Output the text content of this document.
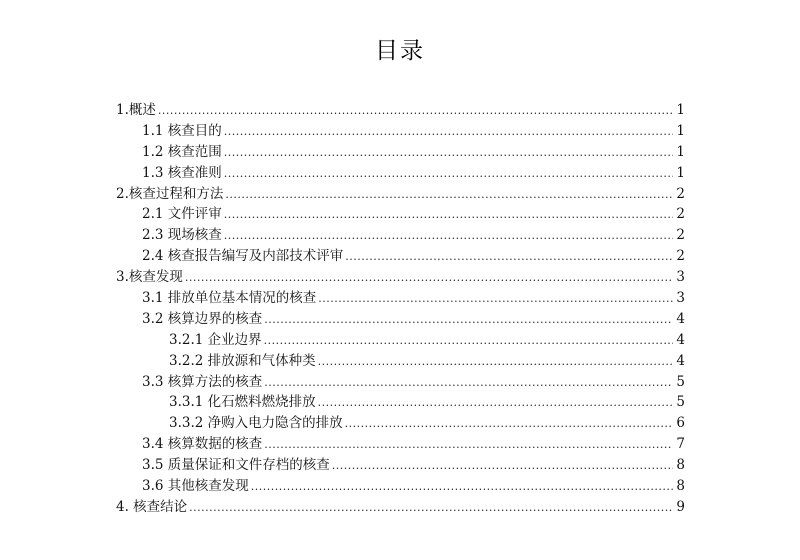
目录
1.概述 .....	1
1.1 核查目的 .....	1
1.2 核查范围 .....	1
1.3 核查准则 .....	1
2.核查过程和方法 .....	2
2.1 文件评审 .....	2
2.3 现场核查 .....	2
2.4 核查报告编写及内部技术评审 .....	2
3.核查发现 .....	3
3.1 排放单位基本情况的核查 .....	3
3.2 核算边界的核查 .....	4
3.2.1 企业边界 .....	4
3.2.2 排放源和气体种类 .....	4
3.3 核算方法的核查 .....	5
3.3.1 化石燃料燃烧排放 .....	5
3.3.2 净购入电力隐含的排放 .....	6
3.4 核算数据的核查 .....	7
3.5 质量保证和文件存档的核查 .....	8
3.6 其他核查发现 .....	8
4. 核查结论 .....	9
